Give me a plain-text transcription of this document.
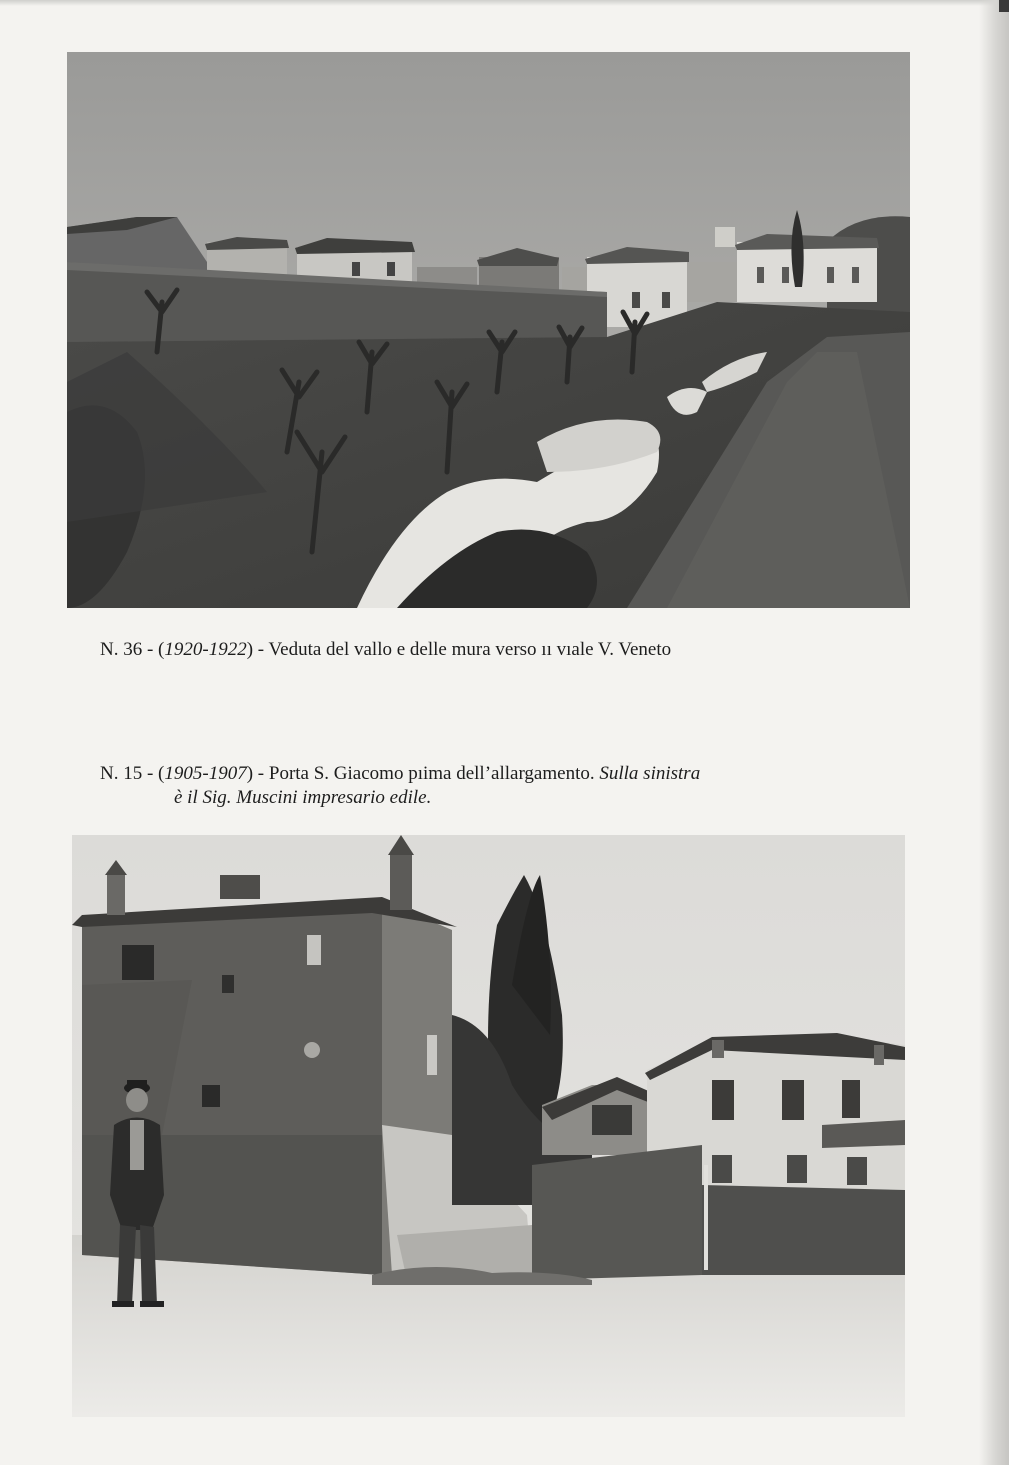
N. 36 - (1920-1922) - Veduta del vallo e delle mura verso ıı vıale V. Veneto
N. 15 - (1905-1907) - Porta S. Giacomo pıima dell’allargamento. Sulla sinistra
è il Sig. Muscini impresario edile.
